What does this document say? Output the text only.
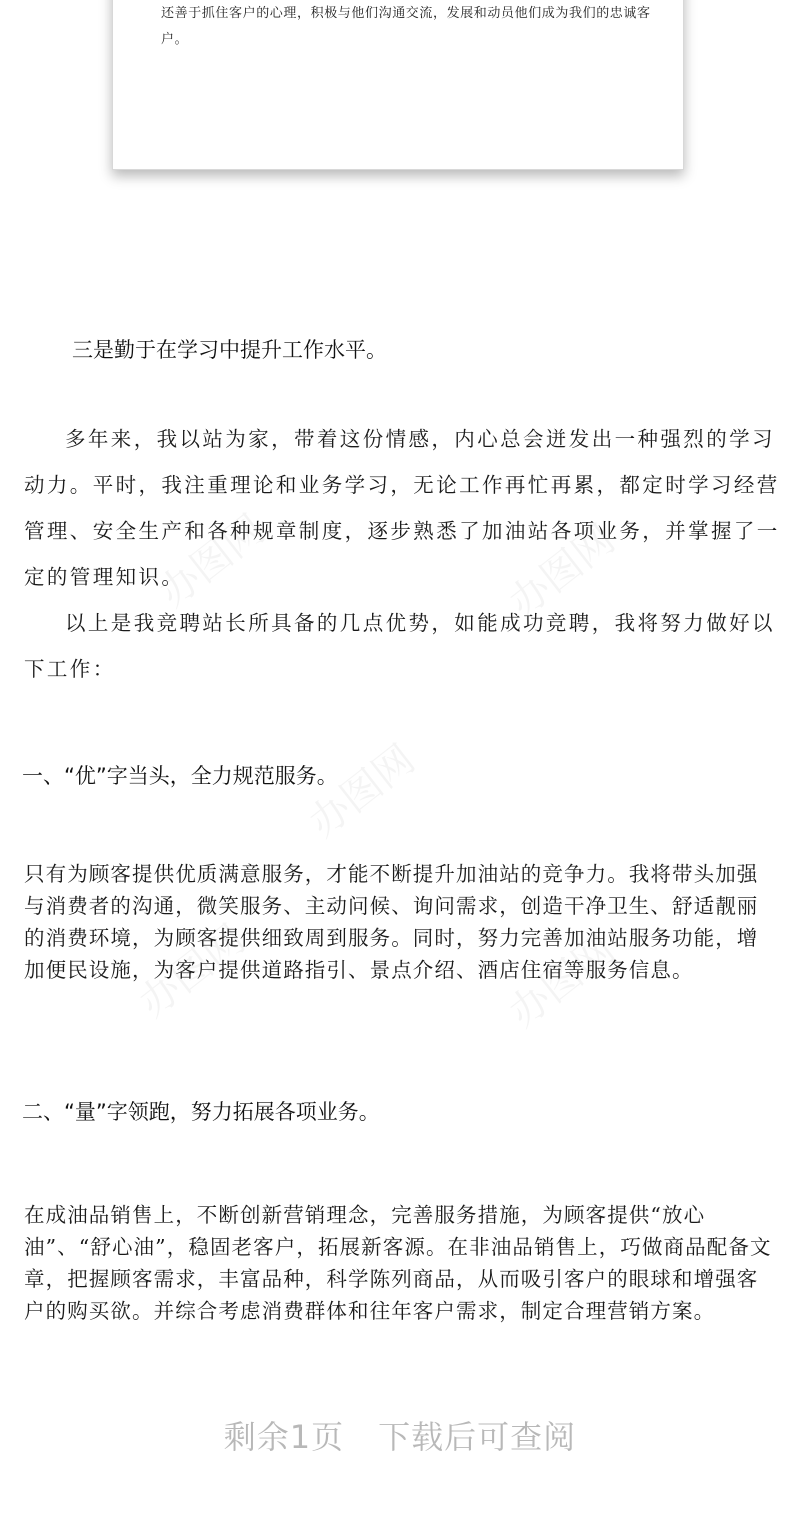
还善于抓住客户的心理，积极与他们沟通交流，发展和动员他们成为我们的忠诚客户。

三是勤于在学习中提升工作水平。

多年来，我以站为家，带着这份情感，内心总会迸发出一种强烈的学习动力。平时，我注重理论和业务学习，无论工作再忙再累，都定时学习经营管理、安全生产和各种规章制度，逐步熟悉了加油站各项业务，并掌握了一定的管理知识。

以上是我竞聘站长所具备的几点优势，如能成功竞聘，我将努力做好以下工作：

一、“优”字当头，全力规范服务。

只有为顾客提供优质满意服务，才能不断提升加油站的竞争力。我将带头加强与消费者的沟通，微笑服务、主动问候、询问需求，创造干净卫生、舒适靓丽的消费环境，为顾客提供细致周到服务。同时，努力完善加油站服务功能，增加便民设施，为客户提供道路指引、景点介绍、酒店住宿等服务信息。

二、“量”字领跑，努力拓展各项业务。

在成油品销售上，不断创新营销理念，完善服务措施，为顾客提供“放心油”、“舒心油”，稳固老客户，拓展新客源。在非油品销售上，巧做商品配备文章，把握顾客需求，丰富品种，科学陈列商品，从而吸引客户的眼球和增强客户的购买欲。并综合考虑消费群体和往年客户需求，制定合理营销方案。

剩余1页 下载后可查阅
